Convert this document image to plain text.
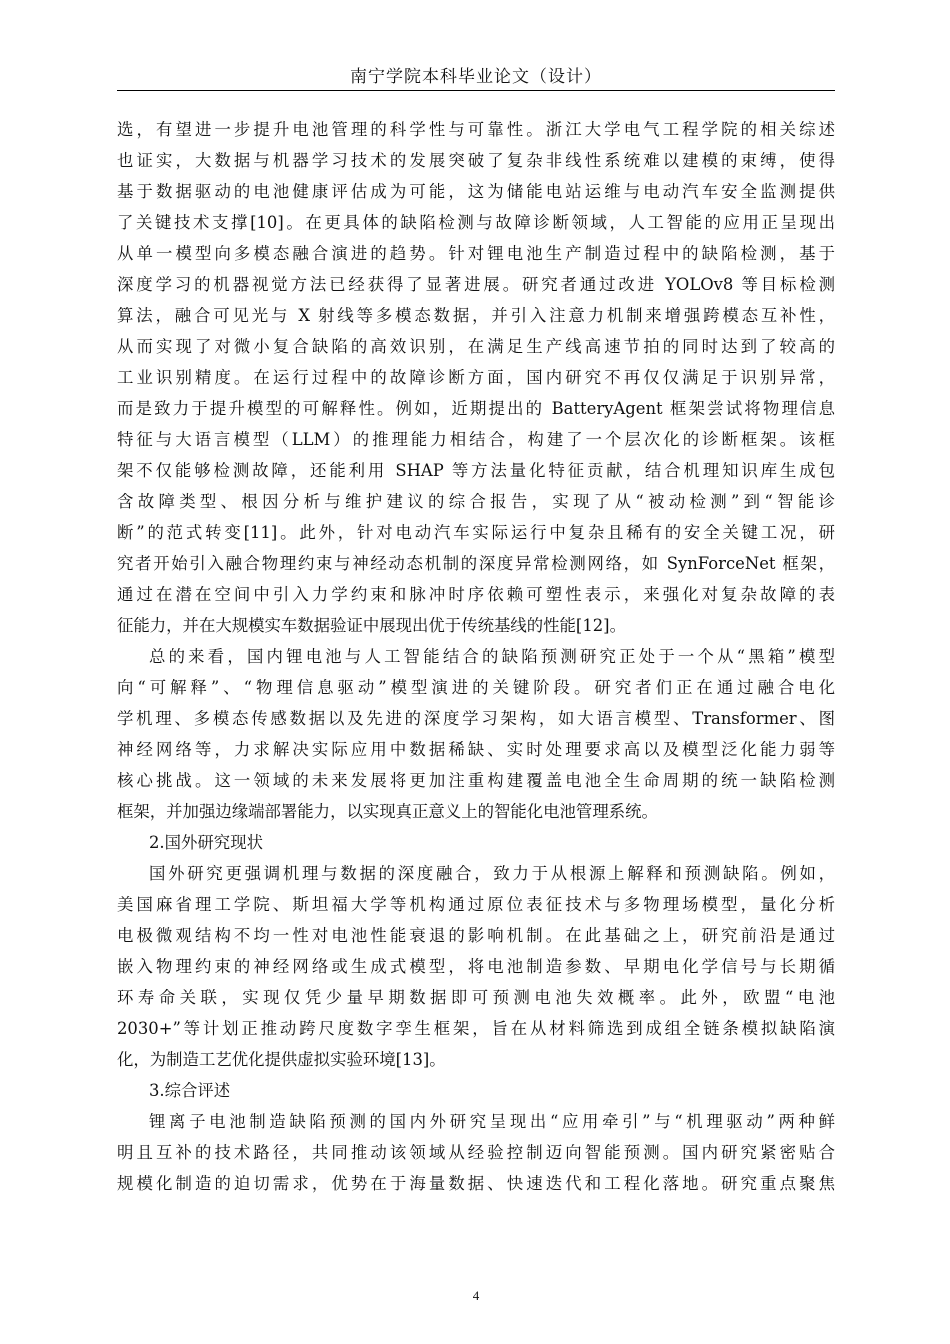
南宁学院本科毕业论文（设计）
选，有望进一步提升电池管理的科学性与可靠性。浙江大学电气工程学院的相关综述
也证实，大数据与机器学习技术的发展突破了复杂非线性系统难以建模的束缚，使得
基于数据驱动的电池健康评估成为可能，这为储能电站运维与电动汽车安全监测提供
了关键技术支撑[10]。在更具体的缺陷检测与故障诊断领域，人工智能的应用正呈现出
从单一模型向多模态融合演进的趋势。针对锂电池生产制造过程中的缺陷检测，基于
深度学习的机器视觉方法已经获得了显著进展。研究者通过改进 YOLOv8 等目标检测
算法，融合可见光与 X 射线等多模态数据，并引入注意力机制来增强跨模态互补性，
从而实现了对微小复合缺陷的高效识别，在满足生产线高速节拍的同时达到了较高的
工业识别精度。在运行过程中的故障诊断方面，国内研究不再仅仅满足于识别异常，
而是致力于提升模型的可解释性。例如，近期提出的 BatteryAgent 框架尝试将物理信息
特征与大语言模型（LLM）的推理能力相结合，构建了一个层次化的诊断框架。该框
架不仅能够检测故障，还能利用 SHAP 等方法量化特征贡献，结合机理知识库生成包
含故障类型、根因分析与维护建议的综合报告，实现了从“被动检测”到“智能诊
断”的范式转变[11]。此外，针对电动汽车实际运行中复杂且稀有的安全关键工况，研
究者开始引入融合物理约束与神经动态机制的深度异常检测网络，如 SynForceNet 框架，
通过在潜在空间中引入力学约束和脉冲时序依赖可塑性表示，来强化对复杂故障的表
征能力，并在大规模实车数据验证中展现出优于传统基线的性能[12]。
总的来看，国内锂电池与人工智能结合的缺陷预测研究正处于一个从“黑箱”模型
向“可解释”、“物理信息驱动”模型演进的关键阶段。研究者们正在通过融合电化
学机理、多模态传感数据以及先进的深度学习架构，如大语言模型、Transformer、图
神经网络等，力求解决实际应用中数据稀缺、实时处理要求高以及模型泛化能力弱等
核心挑战。这一领域的未来发展将更加注重构建覆盖电池全生命周期的统一缺陷检测
框架，并加强边缘端部署能力，以实现真正意义上的智能化电池管理系统。
2.国外研究现状
国外研究更强调机理与数据的深度融合，致力于从根源上解释和预测缺陷。例如，
美国麻省理工学院、斯坦福大学等机构通过原位表征技术与多物理场模型，量化分析
电极微观结构不均一性对电池性能衰退的影响机制。在此基础之上，研究前沿是通过
嵌入物理约束的神经网络或生成式模型，将电池制造参数、早期电化学信号与长期循
环寿命关联，实现仅凭少量早期数据即可预测电池失效概率。此外，欧盟“电池
2030+”等计划正推动跨尺度数字孪生框架，旨在从材料筛选到成组全链条模拟缺陷演
化，为制造工艺优化提供虚拟实验环境[13]。
3.综合评述
锂离子电池制造缺陷预测的国内外研究呈现出“应用牵引”与“机理驱动”两种鲜
明且互补的技术路径，共同推动该领域从经验控制迈向智能预测。国内研究紧密贴合
规模化制造的迫切需求，优势在于海量数据、快速迭代和工程化落地。研究重点聚焦
4
